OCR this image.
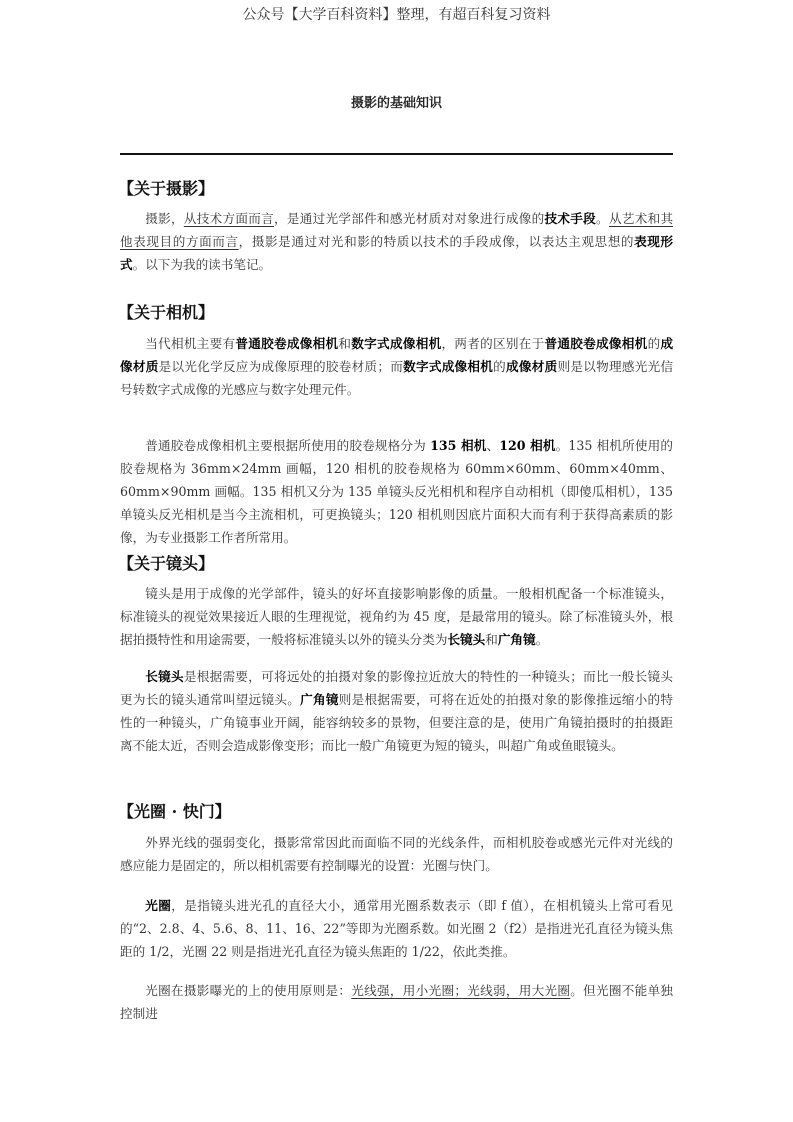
公众号【大学百科资料】整理，有超百科复习资料
摄影的基础知识
【关于摄影】
摄影，从技术方面而言，是通过光学部件和感光材质对对象进行成像的技术手段。从艺术和其他表现目的方面而言，摄影是通过对光和影的特质以技术的手段成像，以表达主观思想的表现形式。以下为我的读书笔记。
【关于相机】
当代相机主要有普通胶卷成像相机和数字式成像相机，两者的区别在于普通胶卷成像相机的成像材质是以光化学反应为成像原理的胶卷材质；而数字式成像相机的成像材质则是以物理感光光信号转数字式成像的光感应与数字处理元件。
普通胶卷成像相机主要根据所使用的胶卷规格分为 135 相机、120 相机。135 相机所使用的胶卷规格为 36mm×24mm 画幅，120 相机的胶卷规格为 60mm×60mm、60mm×40mm、60mm×90mm 画幅。135 相机又分为 135 单镜头反光相机和程序自动相机（即傻瓜相机），135 单镜头反光相机是当今主流相机，可更换镜头；120 相机则因底片面积大而有利于获得高素质的影像，为专业摄影工作者所常用。
【关于镜头】
镜头是用于成像的光学部件，镜头的好坏直接影响影像的质量。一般相机配备一个标准镜头，标准镜头的视觉效果接近人眼的生理视觉，视角约为 45 度，是最常用的镜头。除了标准镜头外，根据拍摄特性和用途需要，一般将标准镜头以外的镜头分类为长镜头和广角镜。
长镜头是根据需要，可将远处的拍摄对象的影像拉近放大的特性的一种镜头；而比一般长镜头更为长的镜头通常叫望远镜头。广角镜则是根据需要，可将在近处的拍摄对象的影像推远缩小的特性的一种镜头，广角镜事业开阔，能容纳较多的景物，但要注意的是，使用广角镜拍摄时的拍摄距离不能太近，否则会造成影像变形；而比一般广角镜更为短的镜头，叫超广角或鱼眼镜头。
【光圈 · 快门】
外界光线的强弱变化，摄影常常因此而面临不同的光线条件，而相机胶卷或感光元件对光线的感应能力是固定的，所以相机需要有控制曝光的设置：光圈与快门。
光圈，是指镜头进光孔的直径大小，通常用光圈系数表示（即 f 值），在相机镜头上常可看见的“2、2.8、4、5.6、8、11、16、22”等即为光圈系数。如光圈 2（f2）是指进光孔直径为镜头焦距的 1/2，光圈 22 则是指进光孔直径为镜头焦距的 1/22，依此类推。
光圈在摄影曝光的上的使用原则是：光线强，用小光圈；光线弱，用大光圈。但光圈不能单独控制进
